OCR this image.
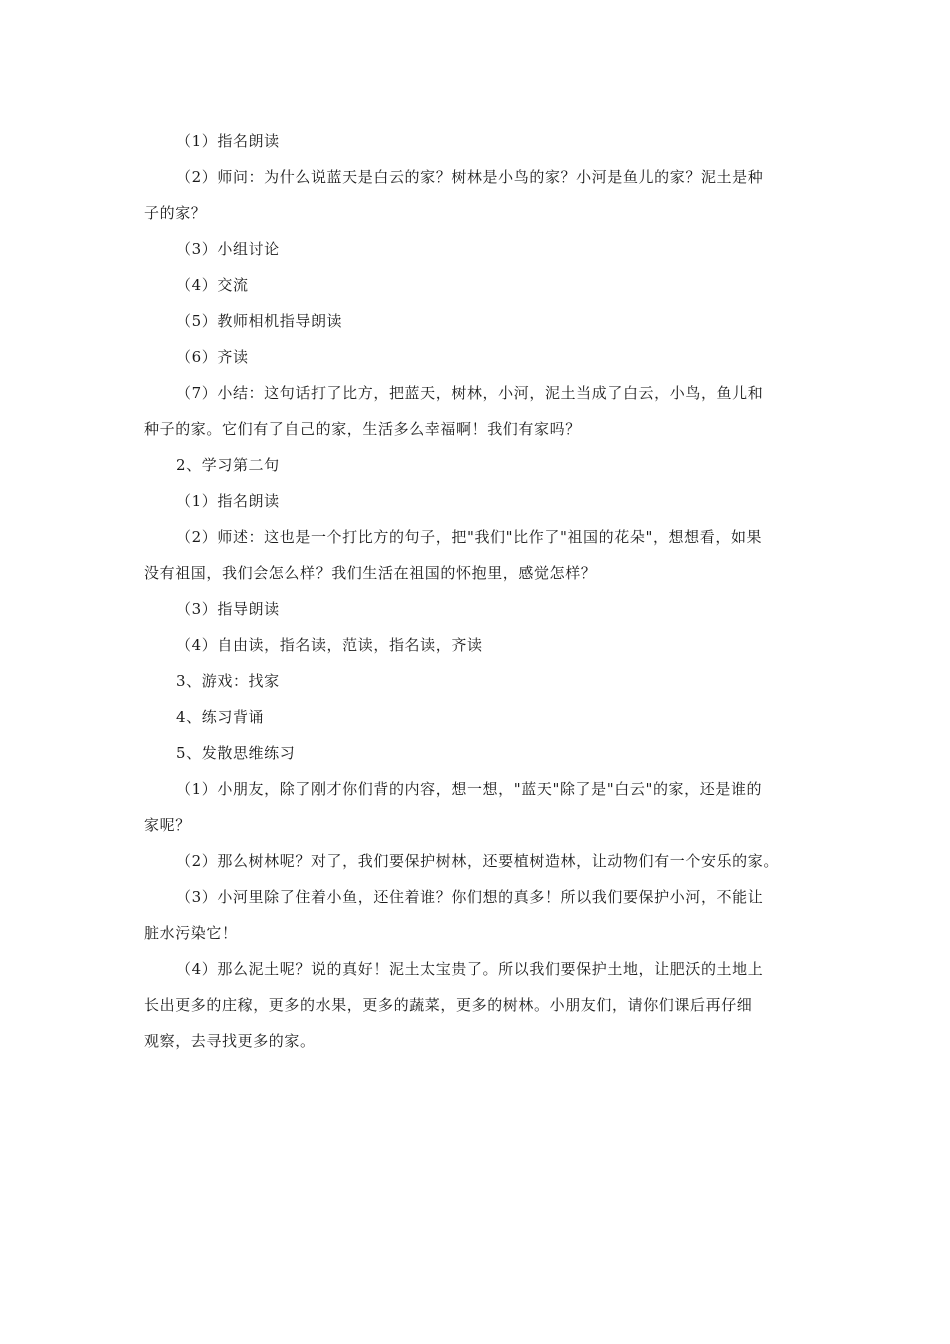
（1）指名朗读
（2）师问：为什么说蓝天是白云的家？树林是小鸟的家？小河是鱼儿的家？泥土是种
子的家？
（3）小组讨论
（4）交流
（5）教师相机指导朗读
（6）齐读
（7）小结：这句话打了比方，把蓝天，树林，小河，泥土当成了白云，小鸟，鱼儿和
种子的家。它们有了自己的家，生活多么幸福啊！我们有家吗？
2、学习第二句
（1）指名朗读
（2）师述：这也是一个打比方的句子，把"我们"比作了"祖国的花朵"，想想看，如果
没有祖国，我们会怎么样？我们生活在祖国的怀抱里，感觉怎样？
（3）指导朗读
（4）自由读，指名读，范读，指名读，齐读
3、游戏：找家
4、练习背诵
5、发散思维练习
（1）小朋友，除了刚才你们背的内容，想一想，"蓝天"除了是"白云"的家，还是谁的
家呢？
（2）那么树林呢？对了，我们要保护树林，还要植树造林，让动物们有一个安乐的家。
（3）小河里除了住着小鱼，还住着谁？你们想的真多！所以我们要保护小河，不能让
脏水污染它！
（4）那么泥土呢？说的真好！泥土太宝贵了。所以我们要保护土地，让肥沃的土地上
长出更多的庄稼，更多的水果，更多的蔬菜，更多的树林。小朋友们，请你们课后再仔细
观察，去寻找更多的家。
